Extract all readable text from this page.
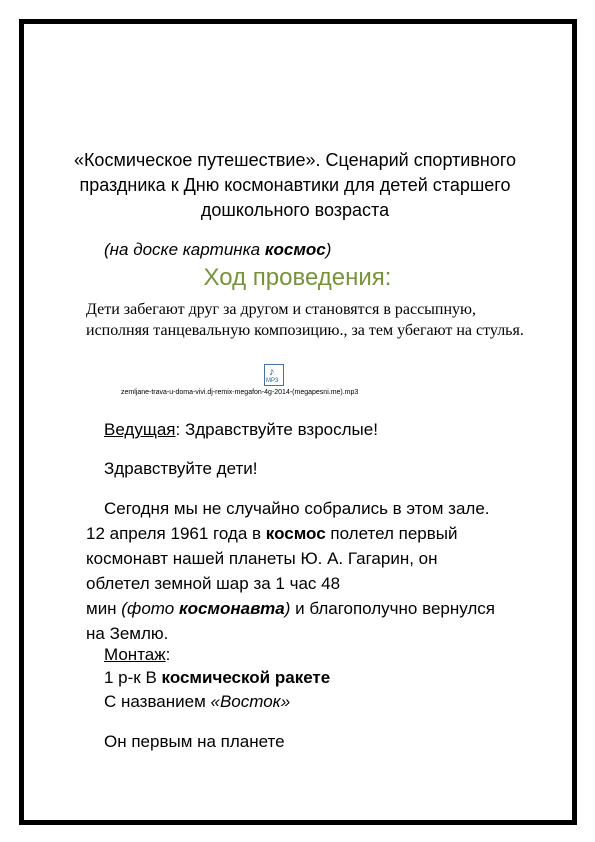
«Космическое путешествие». Сценарий спортивного праздника к Дню космонавтики для детей старшего дошкольного возраста
(на доске картинка космос)
Ход проведения:
Дети забегают друг за другом и становятся в рассыпную, исполняя танцевальную композицию., за тем убегают на стулья.
♪
MP3
zemljane-trava-u-doma-vivi.dj-remix-megafon-4g-2014-(megapesni.me).mp3
Ведущая: Здравствуйте взрослые!
Здравствуйте дети!
Сегодня мы не случайно собрались в этом зале.
12 апреля 1961 года в космос полетел первый
космонавт нашей планеты Ю. А. Гагарин, он
облетел земной шар за 1 час 48
мин (фото космонавта) и благополучно вернулся
на Землю.
Монтаж:
1 р-к В космической ракете
С названием «Восток»
Он первым на планете
